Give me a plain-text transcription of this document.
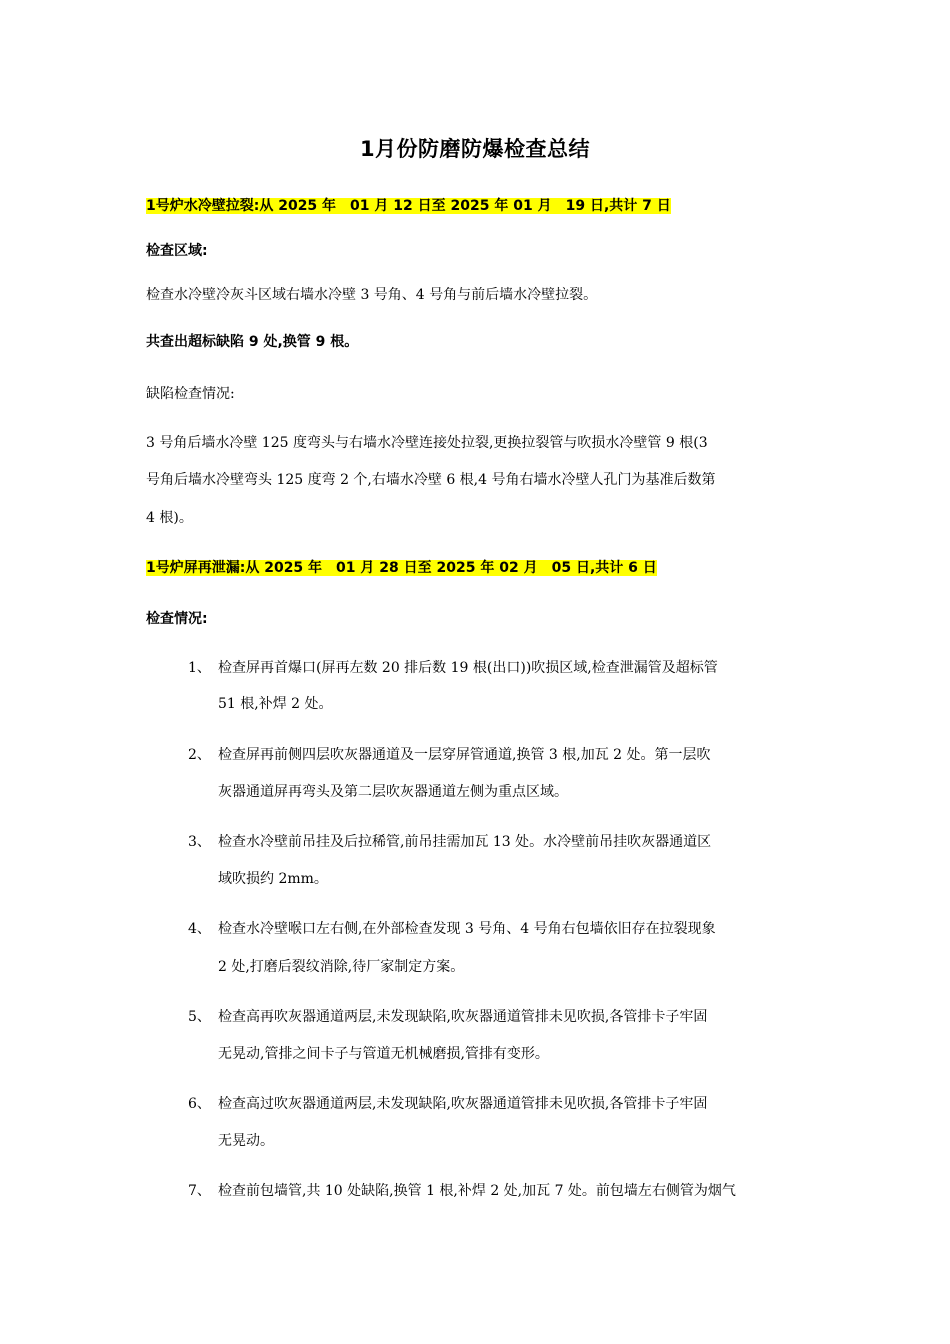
1月份防磨防爆检查总结
1号炉水冷壁拉裂:从 2025 年　01 月 12 日至 2025 年 01 月　19 日,共计 7 日
检查区域:
检查水冷壁冷灰斗区域右墙水冷壁 3 号角、4 号角与前后墙水冷壁拉裂。
共查出超标缺陷 9 处,换管 9 根。
缺陷检查情况:
3 号角后墙水冷壁 125 度弯头与右墙水冷壁连接处拉裂,更换拉裂管与吹损水冷壁管 9 根(3
号角后墙水冷壁弯头 125 度弯 2 个,右墙水冷壁 6 根,4 号角右墙水冷壁人孔门为基准后数第
4 根)。
1号炉屏再泄漏:从 2025 年　01 月 28 日至 2025 年 02 月　05 日,共计 6 日
检查情况:
1、 检查屏再首爆口(屏再左数 20 排后数 19 根(出口))吹损区域,检查泄漏管及超标管
51 根,补焊 2 处。
2、 检查屏再前侧四层吹灰器通道及一层穿屏管通道,换管 3 根,加瓦 2 处。第一层吹
灰器通道屏再弯头及第二层吹灰器通道左侧为重点区域。
3、 检查水冷壁前吊挂及后拉稀管,前吊挂需加瓦 13 处。水冷壁前吊挂吹灰器通道区
域吹损约 2mm。
4、 检查水冷壁喉口左右侧,在外部检查发现 3 号角、4 号角右包墙依旧存在拉裂现象
2 处,打磨后裂纹消除,待厂家制定方案。
5、 检查高再吹灰器通道两层,未发现缺陷,吹灰器通道管排未见吹损,各管排卡子牢固
无晃动,管排之间卡子与管道无机械磨损,管排有变形。
6、 检查高过吹灰器通道两层,未发现缺陷,吹灰器通道管排未见吹损,各管排卡子牢固
无晃动。
7、 检查前包墙管,共 10 处缺陷,换管 1 根,补焊 2 处,加瓦 7 处。前包墙左右侧管为烟气
